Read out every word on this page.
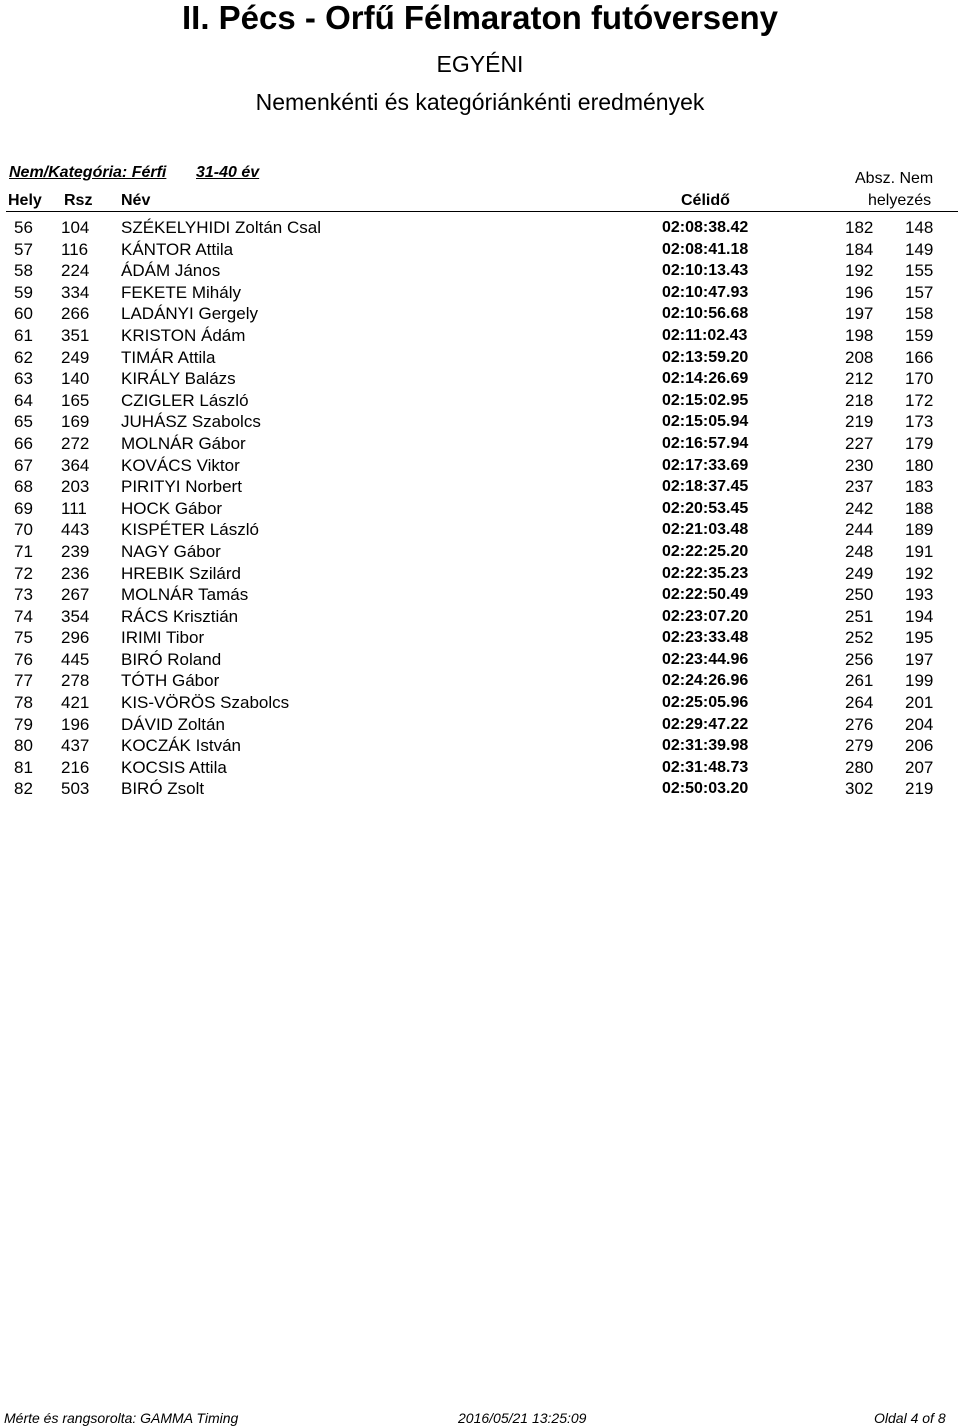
II. Pécs - Orfű Félmaraton futóverseny
EGYÉNI
Nemenkénti és kategóriánkénti eredmények
Nem/Kategória: Férfi 31-40 év	Absz. Nem
Hely Rsz Név	Célidő	helyezés
56	104	SZÉKELYHIDI Zoltán Csal	02:08:38.42	182	148
57	116	KÁNTOR Attila	02:08:41.18	184	149
58	224	ÁDÁM János	02:10:13.43	192	155
59	334	FEKETE Mihály	02:10:47.93	196	157
60	266	LADÁNYI Gergely	02:10:56.68	197	158
61	351	KRISTON Ádám	02:11:02.43	198	159
62	249	TIMÁR Attila	02:13:59.20	208	166
63	140	KIRÁLY Balázs	02:14:26.69	212	170
64	165	CZIGLER László	02:15:02.95	218	172
65	169	JUHÁSZ Szabolcs	02:15:05.94	219	173
66	272	MOLNÁR Gábor	02:16:57.94	227	179
67	364	KOVÁCS Viktor	02:17:33.69	230	180
68	203	PIRITYI Norbert	02:18:37.45	237	183
69	111	HOCK Gábor	02:20:53.45	242	188
70	443	KISPÉTER László	02:21:03.48	244	189
71	239	NAGY Gábor	02:22:25.20	248	191
72	236	HREBIK Szilárd	02:22:35.23	249	192
73	267	MOLNÁR Tamás	02:22:50.49	250	193
74	354	RÁCS Krisztián	02:23:07.20	251	194
75	296	IRIMI Tibor	02:23:33.48	252	195
76	445	BIRÓ Roland	02:23:44.96	256	197
77	278	TÓTH Gábor	02:24:26.96	261	199
78	421	KIS-VÖRÖS Szabolcs	02:25:05.96	264	201
79	196	DÁVID Zoltán	02:29:47.22	276	204
80	437	KOCZÁK István	02:31:39.98	279	206
81	216	KOCSIS Attila	02:31:48.73	280	207
82	503	BIRÓ Zsolt	02:50:03.20	302	219
Mérte és rangsorolta: GAMMA Timing	2016/05/21 13:25:09	Oldal 4 of 8
